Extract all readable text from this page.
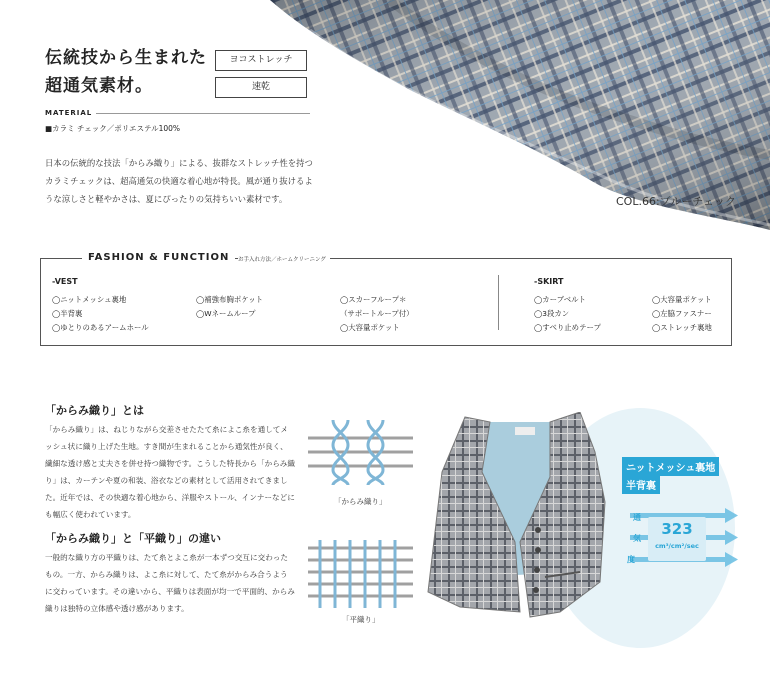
COL.66:ブルーチェック
伝統技から生まれた
超通気素材。
ヨコストレッチ
速乾
MATERIAL
■カラミ チェック／ポリエステル100%
日本の伝統的な技法「からみ織り」による、抜群なストレッチ性を持つカラミチェックは、超高通気の快適な着心地が特長。風が通り抜けるような涼しさと軽やかさは、夏にぴったりの気持ちいい素材です。
FASHION & FUNCTION	お手入れ方法／ホームクリーニング
-VEST
◯ニットメッシュ裏地
◯半背裏
◯ゆとりのあるアームホール
◯補強布胸ポケット
◯Wネームループ
◯スカーフループ＊
（サポートループ付）
◯大容量ポケット
-SKIRT
◯カーブベルト
◯3段カン
◯すべり止めテープ
◯大容量ポケット
◯左脇ファスナー
◯ストレッチ裏地
「からみ織り」とは
「からみ織り」は、ねじりながら交差させたたて糸によこ糸を通してメッシュ状に織り上げた生地。すき間が生まれることから通気性が良く、繊細な透け感と丈夫さを併せ持つ織物です。こうした特長から「からみ織り」は、カーテンや夏の和装、浴衣などの素材として活用されてきました。近年では、その快適な着心地から、洋服やストール、インナーなどにも幅広く使われています。
「からみ織り」と「平織り」の違い
一般的な織り方の平織りは、たて糸とよこ糸が一本ずつ交互に交わったもの。一方、からみ織りは、よこ糸に対して、たて糸がからみ合うように交わっています。その違いから、平織りは表面が均一で平面的、からみ織りは独特の立体感や透け感があります。
「からみ織り」
「平織り」
ニットメッシュ裏地
半背裏
通
気
度
323
cm³/cm²/sec
